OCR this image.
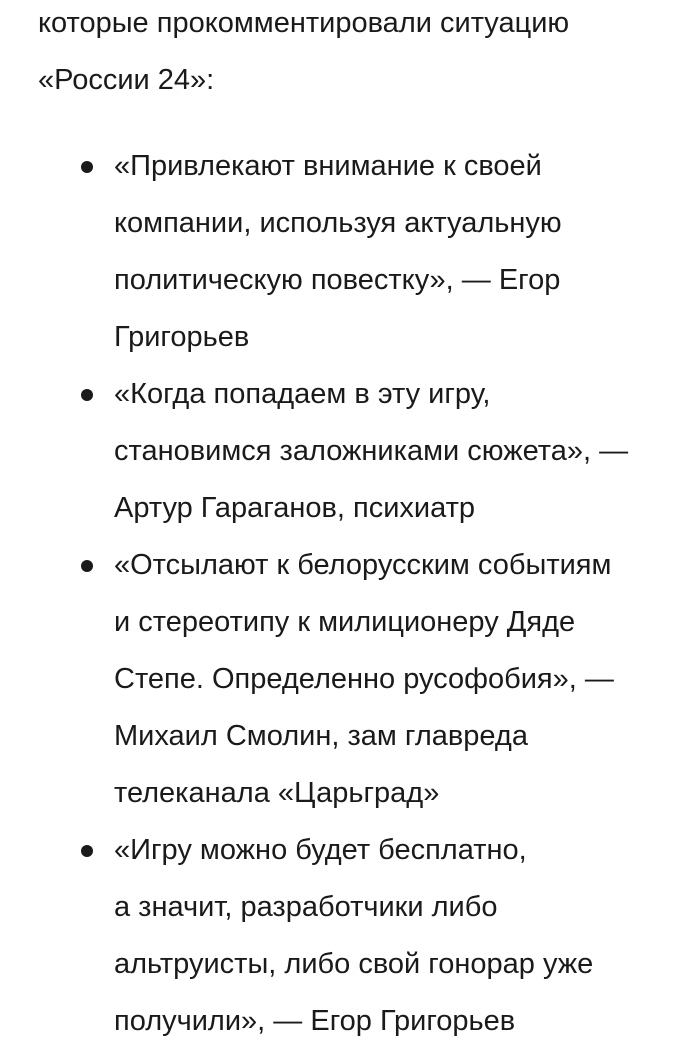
которые прокомментировали ситуацию
«России 24»:

«Привлекают внимание к своей
компании, используя актуальную
политическую повестку», — Егор
Григорьев
«Когда попадаем в эту игру,
становимся заложниками сюжета», —
Артур Гараганов, психиатр
«Отсылают к белорусским событиям
и стереотипу к милиционеру Дяде
Степе. Определенно русофобия», —
Михаил Смолин, зам главреда
телеканала «Царьград»
«Игру можно будет бесплатно,
а значит, разработчики либо
альтруисты, либо свой гонорар уже
получили», — Егор Григорьев
